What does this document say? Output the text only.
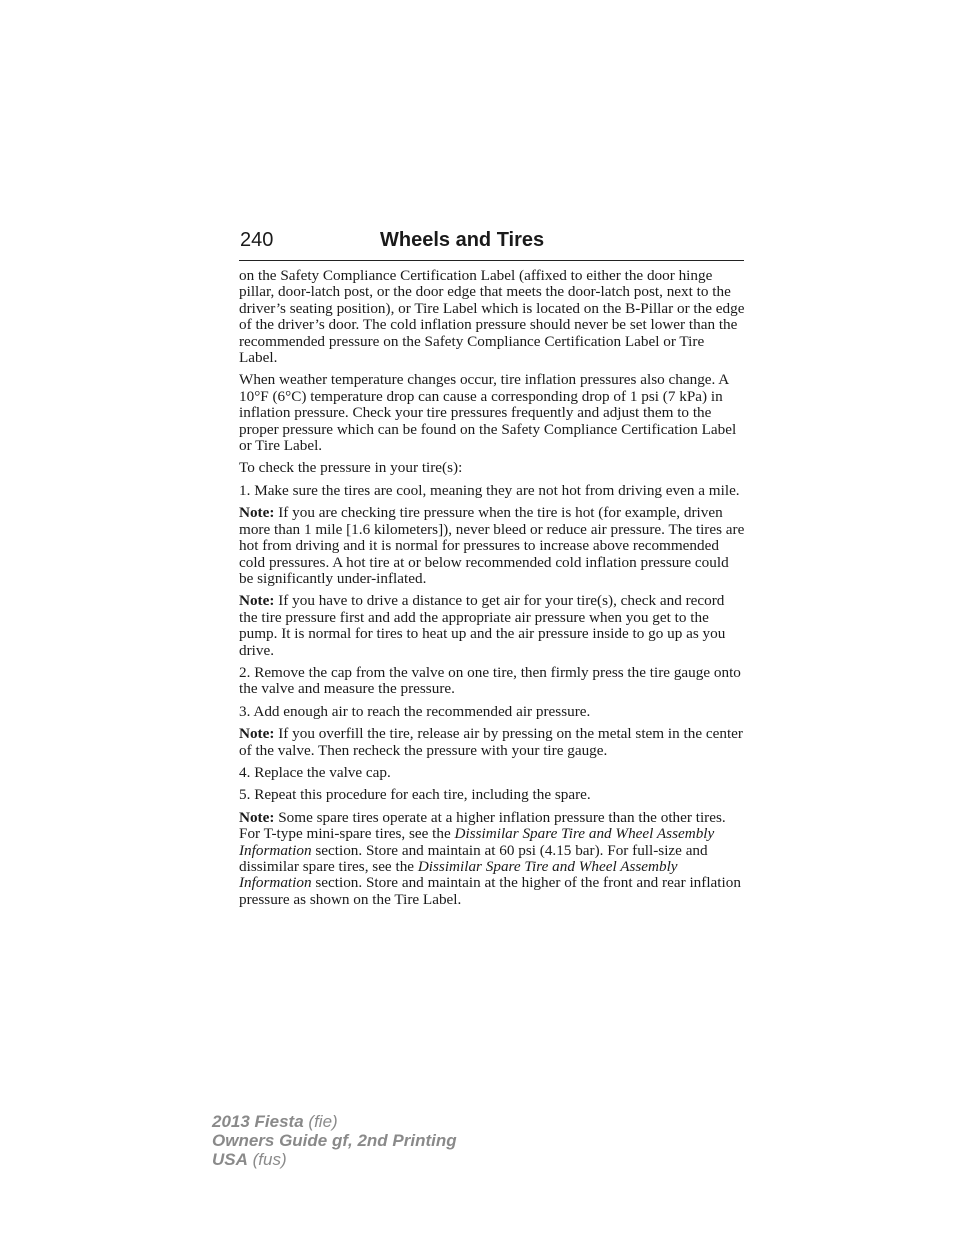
240	Wheels and Tires

on the Safety Compliance Certification Label (affixed to either the door hinge pillar, door-latch post, or the door edge that meets the door-latch post, next to the driver’s seating position), or Tire Label which is located on the B-Pillar or the edge of the driver’s door. The cold inflation pressure should never be set lower than the recommended pressure on the Safety Compliance Certification Label or Tire Label.

When weather temperature changes occur, tire inflation pressures also change. A 10°F (6°C) temperature drop can cause a corresponding drop of 1 psi (7 kPa) in inflation pressure. Check your tire pressures frequently and adjust them to the proper pressure which can be found on the Safety Compliance Certification Label or Tire Label.

To check the pressure in your tire(s):

1. Make sure the tires are cool, meaning they are not hot from driving even a mile.

Note: If you are checking tire pressure when the tire is hot (for example, driven more than 1 mile [1.6 kilometers]), never bleed or reduce air pressure. The tires are hot from driving and it is normal for pressures to increase above recommended cold pressures. A hot tire at or below recommended cold inflation pressure could be significantly under-inflated.

Note: If you have to drive a distance to get air for your tire(s), check and record the tire pressure first and add the appropriate air pressure when you get to the pump. It is normal for tires to heat up and the air pressure inside to go up as you drive.

2. Remove the cap from the valve on one tire, then firmly press the tire gauge onto the valve and measure the pressure.

3. Add enough air to reach the recommended air pressure.

Note: If you overfill the tire, release air by pressing on the metal stem in the center of the valve. Then recheck the pressure with your tire gauge.

4. Replace the valve cap.

5. Repeat this procedure for each tire, including the spare.

Note: Some spare tires operate at a higher inflation pressure than the other tires. For T-type mini-spare tires, see the Dissimilar Spare Tire and Wheel Assembly Information section. Store and maintain at 60 psi (4.15 bar). For full-size and dissimilar spare tires, see the Dissimilar Spare Tire and Wheel Assembly Information section. Store and maintain at the higher of the front and rear inflation pressure as shown on the Tire Label.

2013 Fiesta (fie)
Owners Guide gf, 2nd Printing
USA (fus)
